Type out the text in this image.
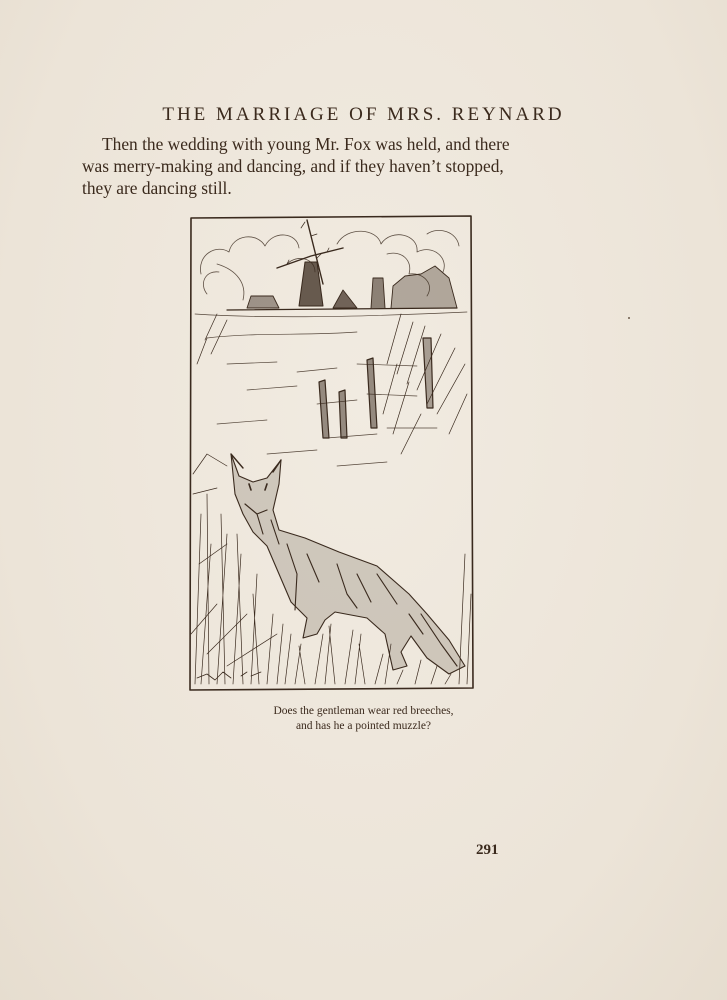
THE MARRIAGE OF MRS. REYNARD
Then the wedding with young Mr. Fox was held, and there
was merry-making and dancing, and if they haven’t stopped,
they are dancing still.
Does the gentleman wear red breeches,
and has he a pointed muzzle?
291
